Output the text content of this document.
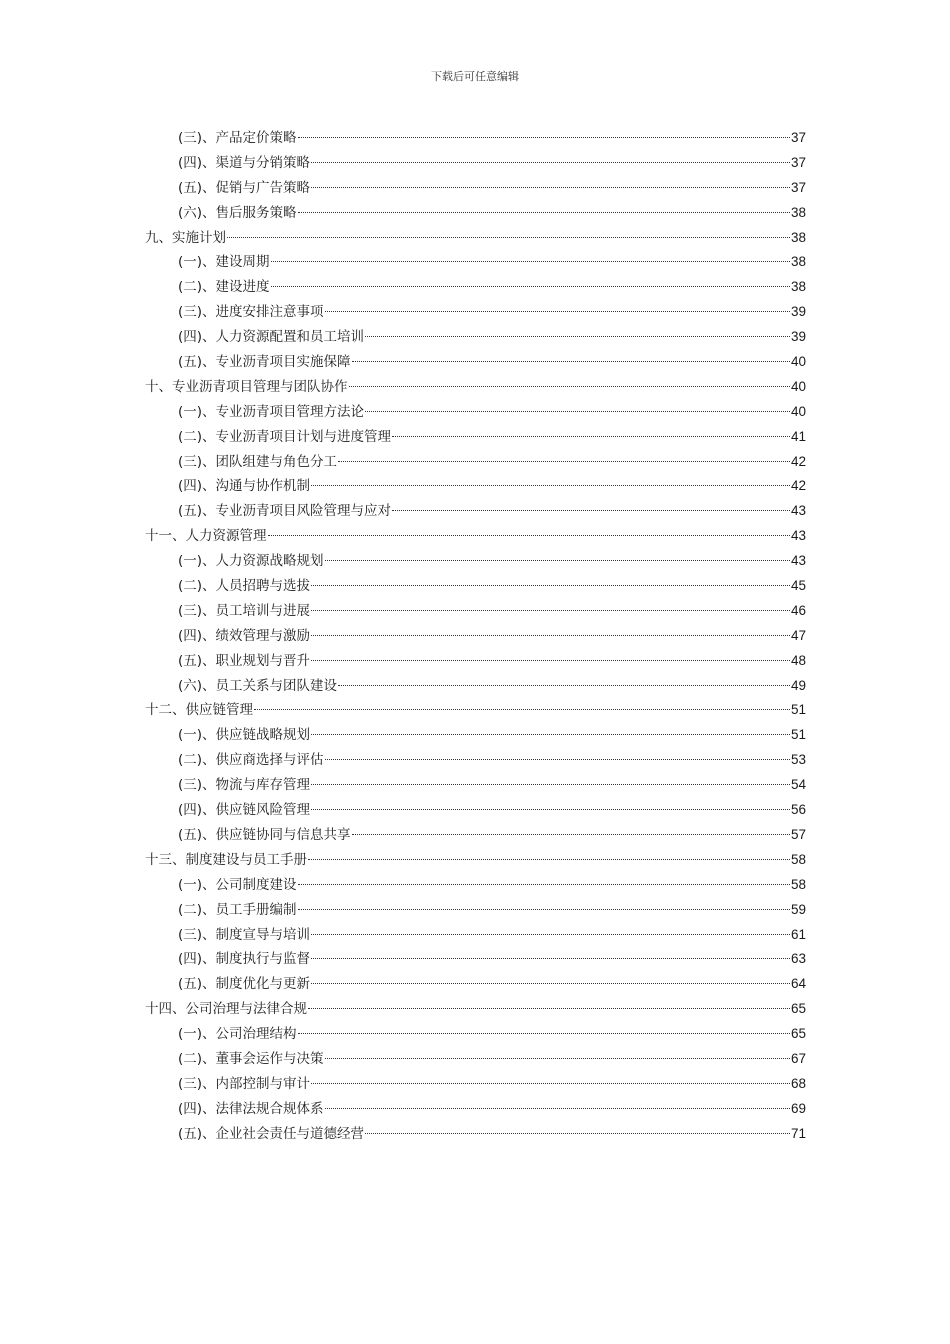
下载后可任意编辑
(三)、产品定价策略	37
(四)、渠道与分销策略	37
(五)、促销与广告策略	37
(六)、售后服务策略	38
九、实施计划	38
(一)、建设周期	38
(二)、建设进度	38
(三)、进度安排注意事项	39
(四)、人力资源配置和员工培训	39
(五)、专业沥青项目实施保障	40
十、专业沥青项目管理与团队协作	40
(一)、专业沥青项目管理方法论	40
(二)、专业沥青项目计划与进度管理	41
(三)、团队组建与角色分工	42
(四)、沟通与协作机制	42
(五)、专业沥青项目风险管理与应对	43
十一、人力资源管理	43
(一)、人力资源战略规划	43
(二)、人员招聘与选拔	45
(三)、员工培训与进展	46
(四)、绩效管理与激励	47
(五)、职业规划与晋升	48
(六)、员工关系与团队建设	49
十二、供应链管理	51
(一)、供应链战略规划	51
(二)、供应商选择与评估	53
(三)、物流与库存管理	54
(四)、供应链风险管理	56
(五)、供应链协同与信息共享	57
十三、制度建设与员工手册	58
(一)、公司制度建设	58
(二)、员工手册编制	59
(三)、制度宣导与培训	61
(四)、制度执行与监督	63
(五)、制度优化与更新	64
十四、公司治理与法律合规	65
(一)、公司治理结构	65
(二)、董事会运作与决策	67
(三)、内部控制与审计	68
(四)、法律法规合规体系	69
(五)、企业社会责任与道德经营	71
